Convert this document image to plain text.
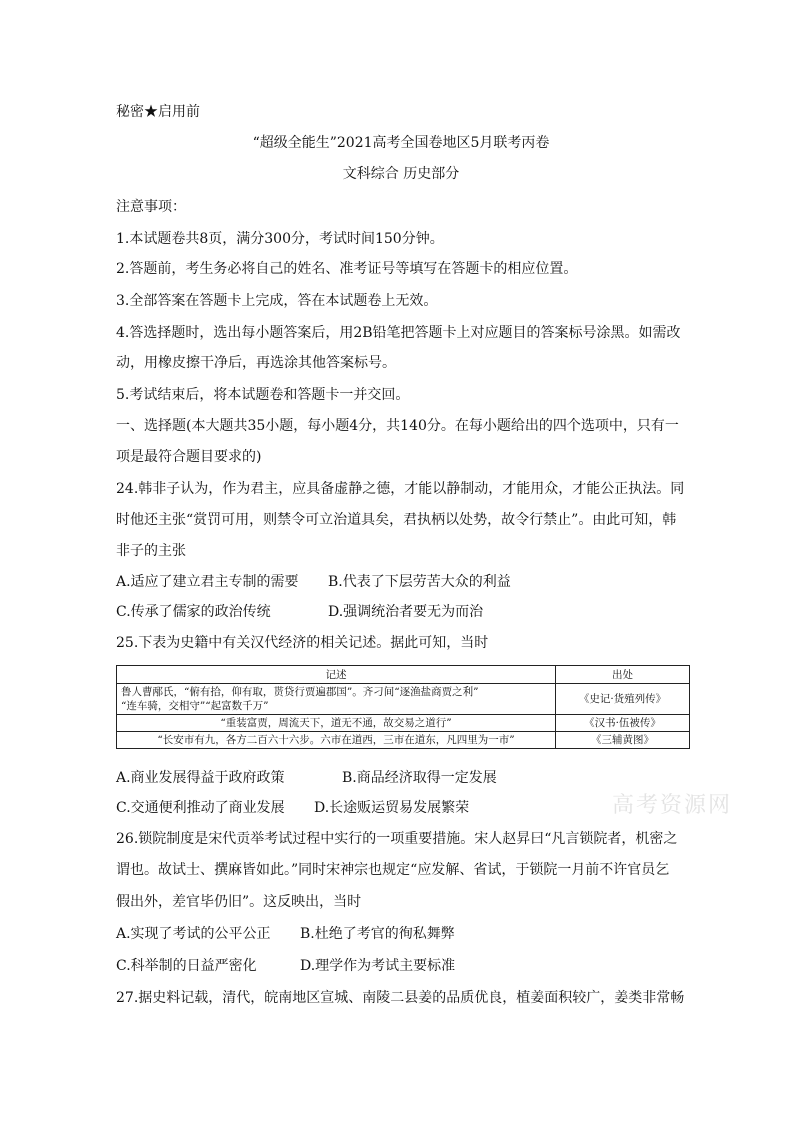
秘密★启用前
“超级全能生”2021高考全国卷地区5月联考丙卷
文科综合 历史部分
注意事项：
1.本试题卷共8页，满分300分，考试时间150分钟。
2.答题前，考生务必将自己的姓名、准考证号等填写在答题卡的相应位置。
3.全部答案在答题卡上完成，答在本试题卷上无效。
4.答选择题时，选出每小题答案后，用2B铅笔把答题卡上对应题目的答案标号涂黑。如需改
动，用橡皮擦干净后，再选涂其他答案标号。
5.考试结束后，将本试题卷和答题卡一并交回。
一、选择题(本大题共35小题，每小题4分，共140分。在每小题给出的四个选项中，只有一
项是最符合题目要求的)
24.韩非子认为，作为君主，应具备虚静之德，才能以静制动，才能用众，才能公正执法。同
时他还主张“赏罚可用，则禁令可立治道具矣，君执柄以处势，故令行禁止”。由此可知，韩
非子的主张
A.适应了建立君主专制的需要 B.代表了下层劳苦大众的利益
C.传承了儒家的政治传统	D.强调统治者要无为而治
25.下表为史籍中有关汉代经济的相关记述。据此可知，当时
记述	出处

鲁人曹邴氏，“俯有拾，仰有取，贳贷行贾遍郡国”。齐刁间“逐渔盐商贾之利”
“连车骑，交相守”“起富数千万”	《史记·货殖列传》
“重装富贾，周流天下，道无不通，故交易之道行”	《汉书·伍被传》
“长安市有九，各方二百六十六步。六市在道西，三市在道东，凡四里为一市”	《三辅黄图》
高考资源网
A.商业发展得益于政府政策	B.商品经济取得一定发展
C.交通便利推动了商业发展 D.长途贩运贸易发展繁荣
26.锁院制度是宋代贡举考试过程中实行的一项重要措施。宋人赵昇曰“凡言锁院者，机密之
谓也。故试士、撰麻皆如此。”同时宋神宗也规定“应发解、省试，于锁院一月前不许官员乞
假出外，差官毕仍旧”。这反映出，当时
A.实现了考试的公平公正 B.杜绝了考官的徇私舞弊
C.科举制的日益严密化	D.理学作为考试主要标准
27.据史料记载，清代，皖南地区宣城、南陵二县姜的品质优良，植姜面积较广，姜类非常畅
